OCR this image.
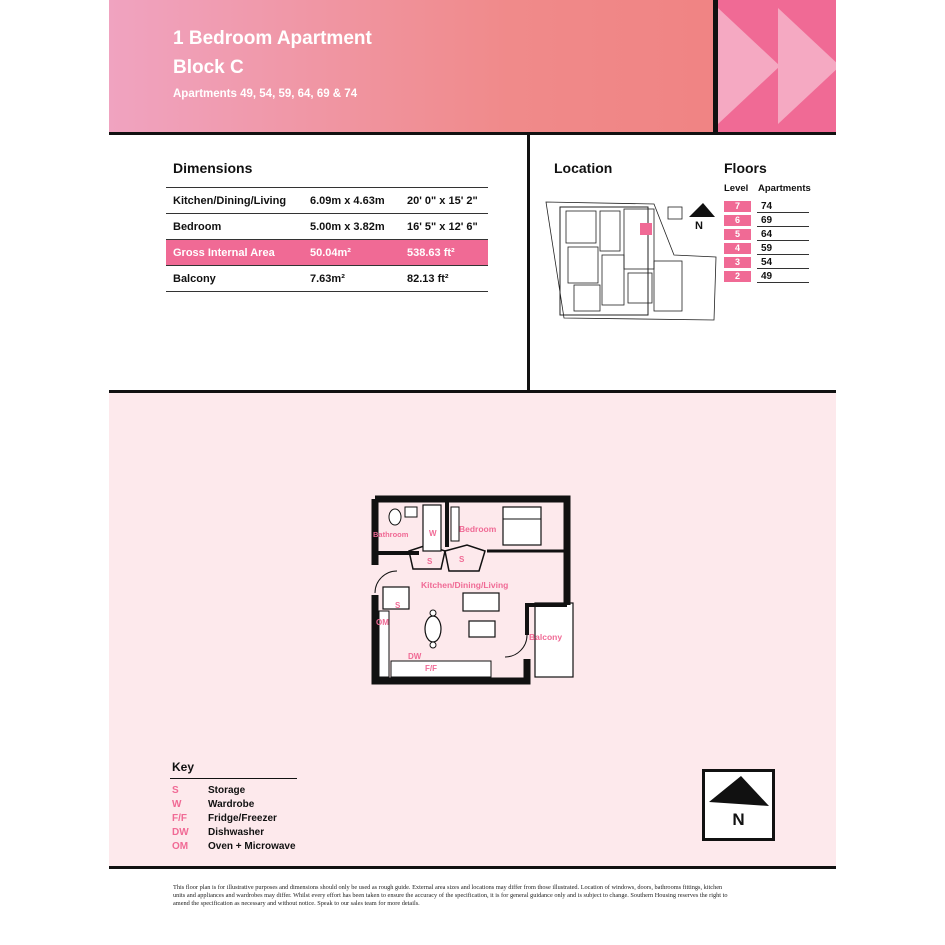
1 Bedroom Apartment
Block C
Apartments 49, 54, 59, 64, 69 & 74
Dimensions
Kitchen/Dining/Living	6.09m x 4.63m	20' 0" x 15' 2"
Bedroom	5.00m x 3.82m	16' 5" x 12' 6"
Gross Internal Area	50.04m²	538.63 ft²
Balcony	7.63m²	82.13 ft²
Location
N
Floors
Level Apartments
7	74
6	69
5	64
4	59
3	54
2	49
Bathroom
Bedroom
Kitchen/Dining/Living
Balcony
W
S	S
S
OM
DW
F/F
Key
S	Storage
W	Wardrobe
F/F	Fridge/Freezer
DW	Dishwasher
OM	Oven + Microwave
N
This floor plan is for illustrative purposes and dimensions should only be used as rough guide. External area sizes and locations may differ from those illustrated. Location of windows, doors, bathrooms fittings, kitchen units and appliances and wardrobes may differ. Whilst every effort has been taken to ensure the accuracy of the specification, it is for general guidance only and is subject to change. Southern Housing reserves the right to amend the specification as necessary and without notice. Speak to our sales team for more details.
